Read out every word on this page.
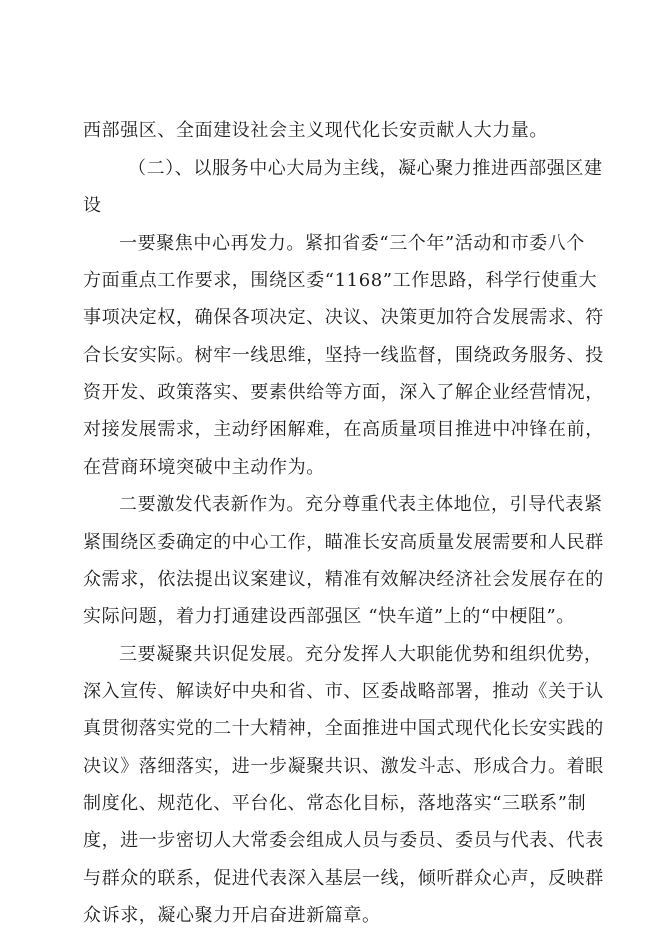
西部强区、全面建设社会主义现代化长安贡献人大力量。
（二）、以服务中心大局为主线，凝心聚力推进西部强区建
设
一要聚焦中心再发力。紧扣省委“三个年”活动和市委八个
方面重点工作要求，围绕区委“1168”工作思路，科学行使重大
事项决定权，确保各项决定、决议、决策更加符合发展需求、符
合长安实际。树牢一线思维，坚持一线监督，围绕政务服务、投
资开发、政策落实、要素供给等方面，深入了解企业经营情况，
对接发展需求，主动纾困解难，在高质量项目推进中冲锋在前，
在营商环境突破中主动作为。
二要激发代表新作为。充分尊重代表主体地位，引导代表紧
紧围绕区委确定的中心工作，瞄准长安高质量发展需要和人民群
众需求，依法提出议案建议，精准有效解决经济社会发展存在的
实际问题，着力打通建设西部强区 “快车道”上的“中梗阻”。
三要凝聚共识促发展。充分发挥人大职能优势和组织优势，
深入宣传、解读好中央和省、市、区委战略部署，推动《关于认
真贯彻落实党的二十大精神，全面推进中国式现代化长安实践的
决议》落细落实，进一步凝聚共识、激发斗志、形成合力。着眼
制度化、规范化、平台化、常态化目标，落地落实“三联系”制
度，进一步密切人大常委会组成人员与委员、委员与代表、代表
与群众的联系，促进代表深入基层一线，倾听群众心声，反映群
众诉求，凝心聚力开启奋进新篇章。
